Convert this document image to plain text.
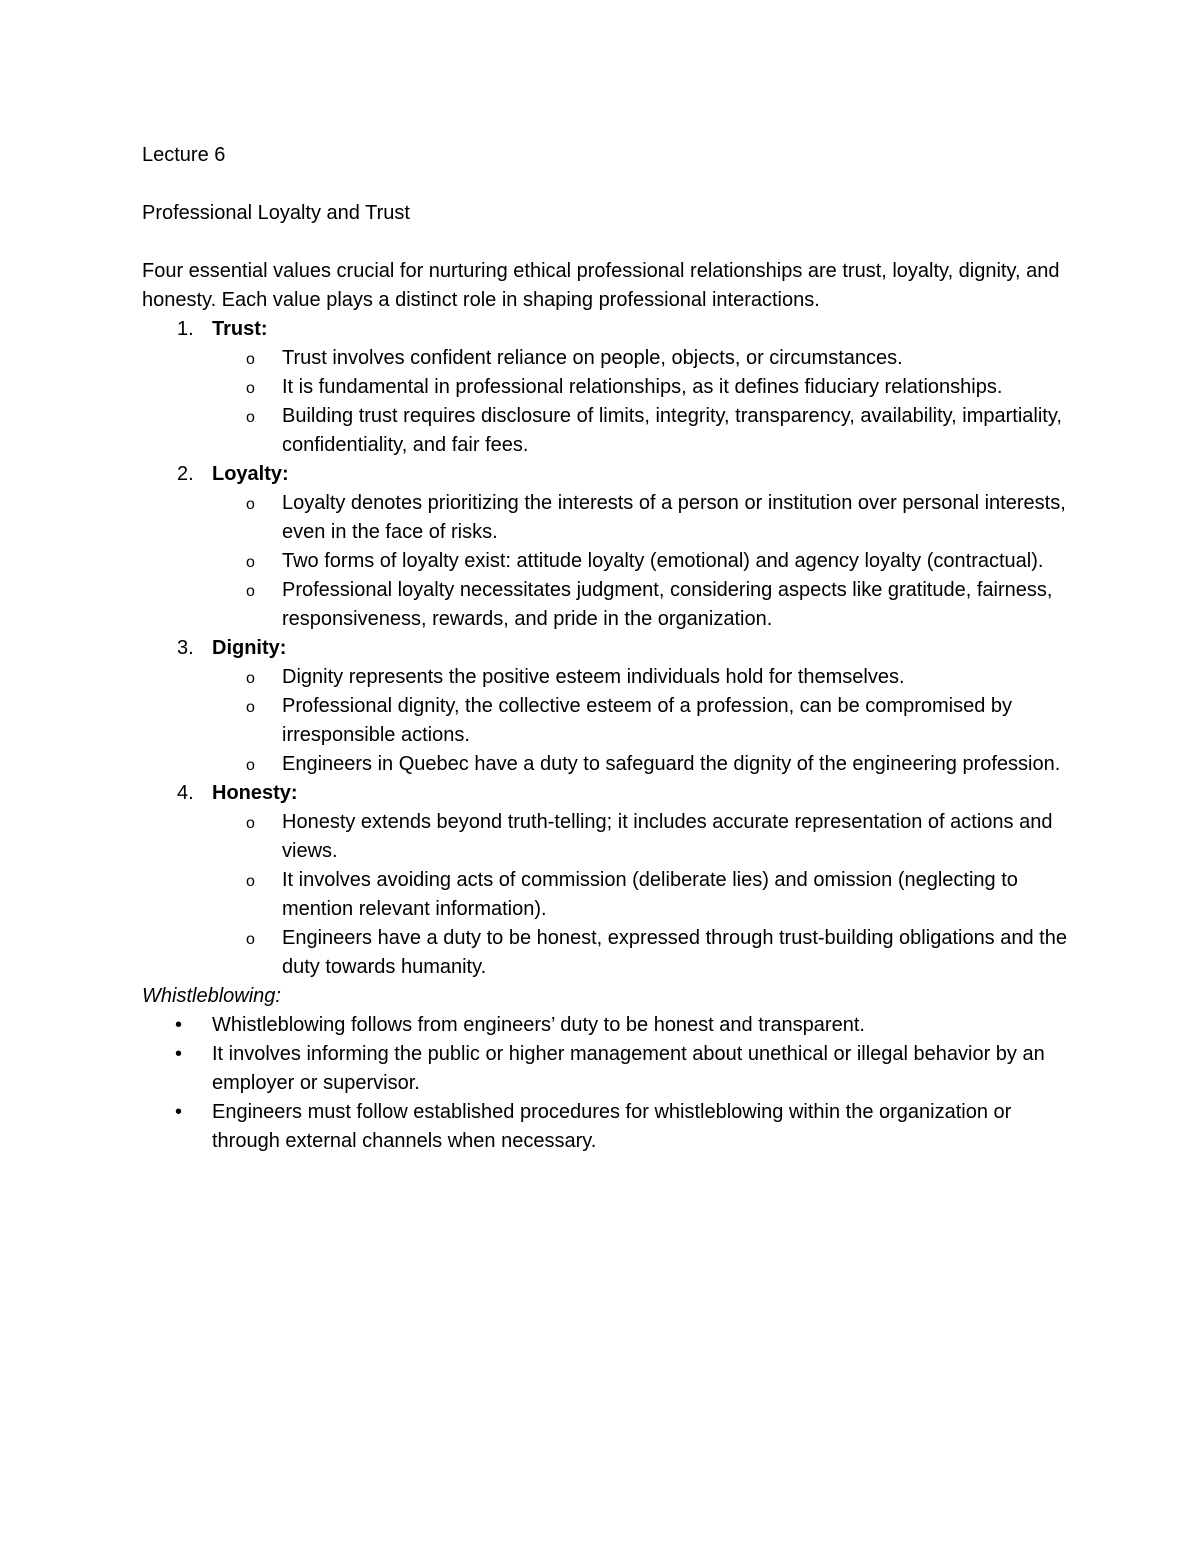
Lecture 6

Professional Loyalty and Trust

Four essential values crucial for nurturing ethical professional relationships are trust, loyalty, dignity, and honesty. Each value plays a distinct role in shaping professional interactions.

1. Trust:
o Trust involves confident reliance on people, objects, or circumstances.
o It is fundamental in professional relationships, as it defines fiduciary relationships.
o Building trust requires disclosure of limits, integrity, transparency, availability, impartiality, confidentiality, and fair fees.
2. Loyalty:
o Loyalty denotes prioritizing the interests of a person or institution over personal interests, even in the face of risks.
o Two forms of loyalty exist: attitude loyalty (emotional) and agency loyalty (contractual).
o Professional loyalty necessitates judgment, considering aspects like gratitude, fairness, responsiveness, rewards, and pride in the organization.
3. Dignity:
o Dignity represents the positive esteem individuals hold for themselves.
o Professional dignity, the collective esteem of a profession, can be compromised by irresponsible actions.
o Engineers in Quebec have a duty to safeguard the dignity of the engineering profession.
4. Honesty:
o Honesty extends beyond truth-telling; it includes accurate representation of actions and views.
o It involves avoiding acts of commission (deliberate lies) and omission (neglecting to mention relevant information).
o Engineers have a duty to be honest, expressed through trust-building obligations and the duty towards humanity.

Whistleblowing:

• Whistleblowing follows from engineers’ duty to be honest and transparent.
• It involves informing the public or higher management about unethical or illegal behavior by an employer or supervisor.
• Engineers must follow established procedures for whistleblowing within the organization or through external channels when necessary.
